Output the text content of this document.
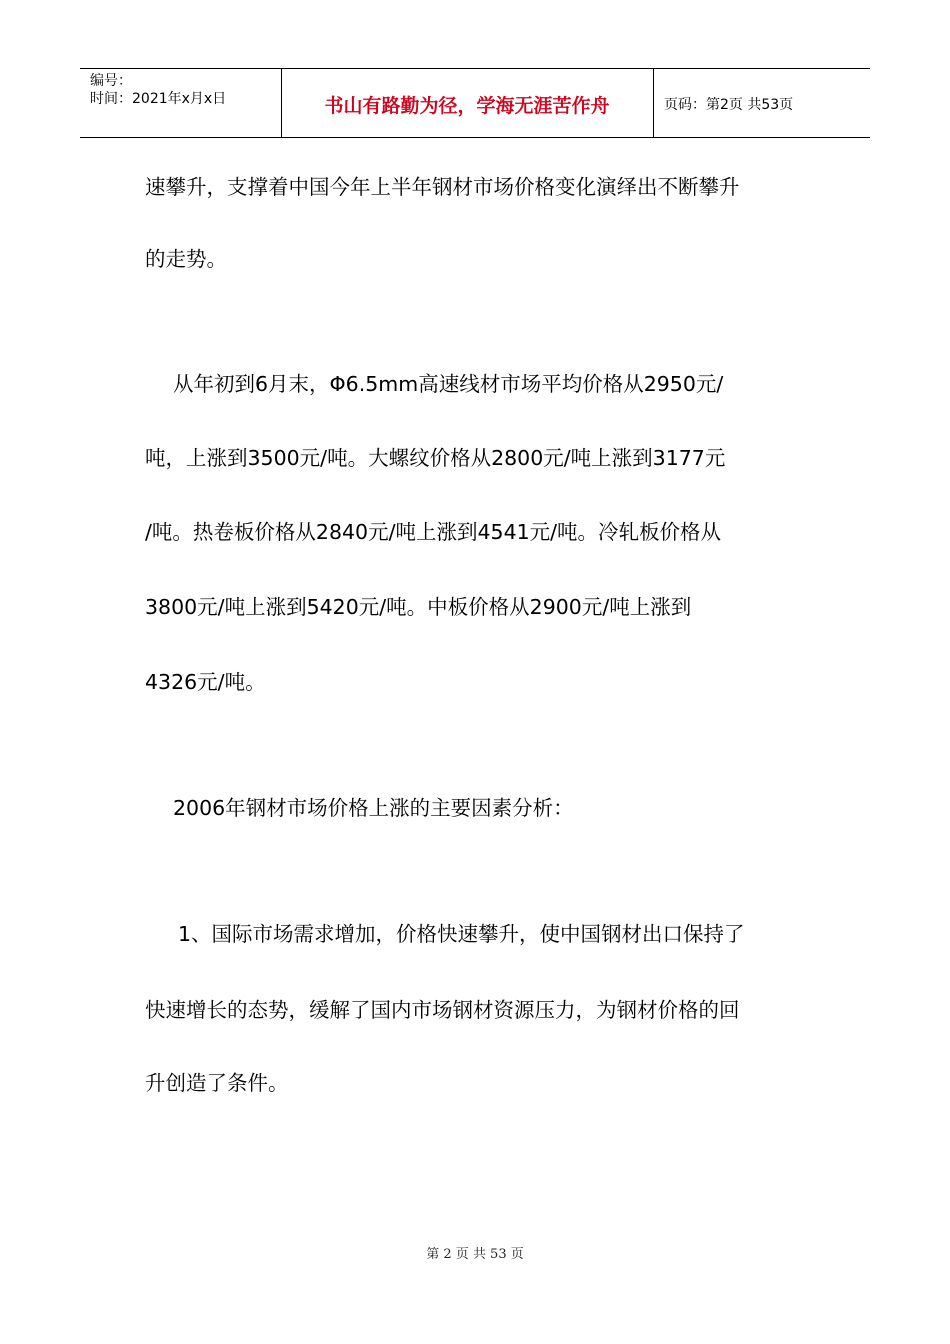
编号：
时间：2021年x月x日	书山有路勤为径，学海无涯苦作舟	页码：第2页 共53页
速攀升，支撑着中国今年上半年钢材市场价格变化演绎出不断攀升
的走势。
从年初到6月末，Φ6.5mm高速线材市场平均价格从2950元/
吨，上涨到3500元/吨。大螺纹价格从2800元/吨上涨到3177元
/吨。热卷板价格从2840元/吨上涨到4541元/吨。冷轧板价格从
3800元/吨上涨到5420元/吨。中板价格从2900元/吨上涨到
4326元/吨。
2006年钢材市场价格上涨的主要因素分析：
1、国际市场需求增加，价格快速攀升，使中国钢材出口保持了
快速增长的态势，缓解了国内市场钢材资源压力，为钢材价格的回
升创造了条件。
第 2 页 共 53 页
